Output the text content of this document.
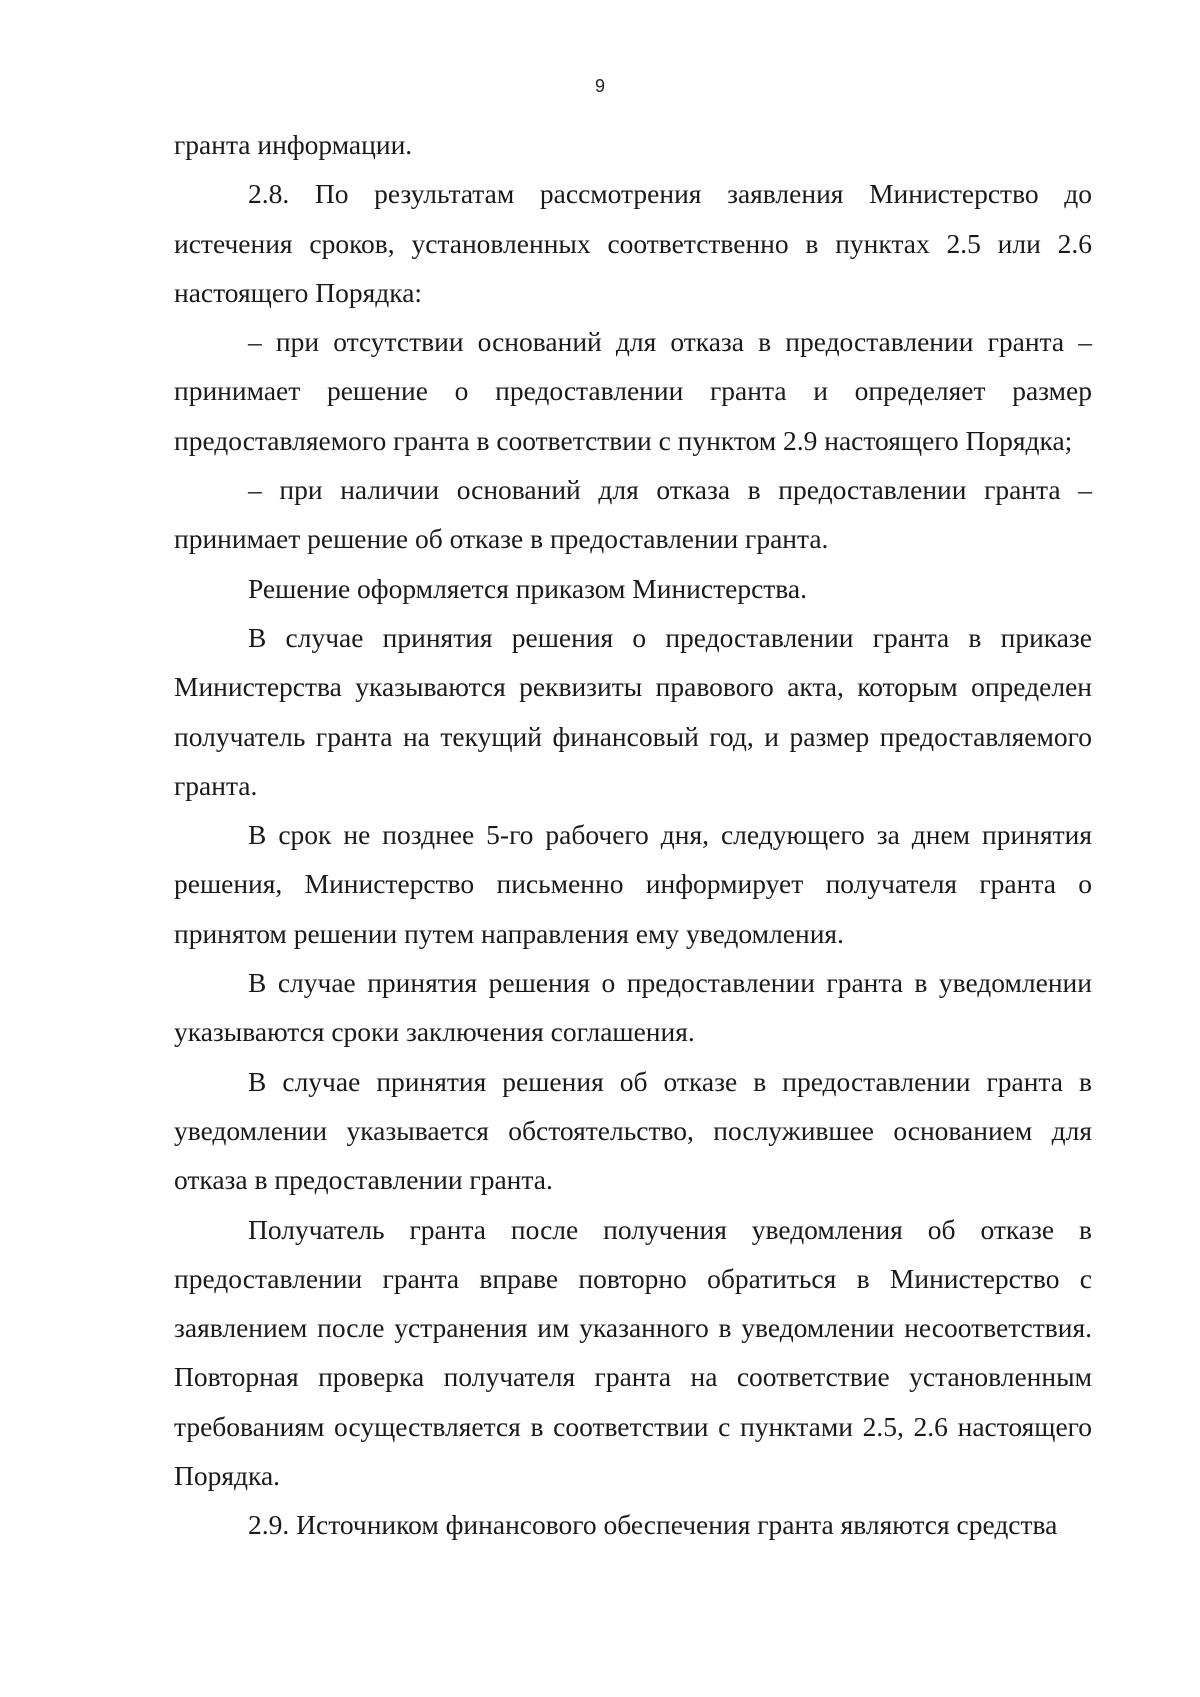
9

гранта информации.

2.8. По результатам рассмотрения заявления Министерство до истечения сроков, установленных соответственно в пунктах 2.5 или 2.6 настоящего Порядка:

– при отсутствии оснований для отказа в предоставлении гранта – принимает решение о предоставлении гранта и определяет размер предоставляемого гранта в соответствии с пунктом 2.9 настоящего Порядка;

– при наличии оснований для отказа в предоставлении гранта – принимает решение об отказе в предоставлении гранта.

Решение оформляется приказом Министерства.

В случае принятия решения о предоставлении гранта в приказе Министерства указываются реквизиты правового акта, которым определен получатель гранта на текущий финансовый год, и размер предоставляемого гранта.

В срок не позднее 5-го рабочего дня, следующего за днем принятия решения, Министерство письменно информирует получателя гранта о принятом решении путем направления ему уведомления.

В случае принятия решения о предоставлении гранта в уведомлении указываются сроки заключения соглашения.

В случае принятия решения об отказе в предоставлении гранта в уведомлении указывается обстоятельство, послужившее основанием для отказа в предоставлении гранта.

Получатель гранта после получения уведомления об отказе в предоставлении гранта вправе повторно обратиться в Министерство с заявлением после устранения им указанного в уведомлении несоответствия. Повторная проверка получателя гранта на соответствие установленным требованиям осуществляется в соответствии с пунктами 2.5, 2.6 настоящего Порядка.

2.9. Источником финансового обеспечения гранта являются средства
